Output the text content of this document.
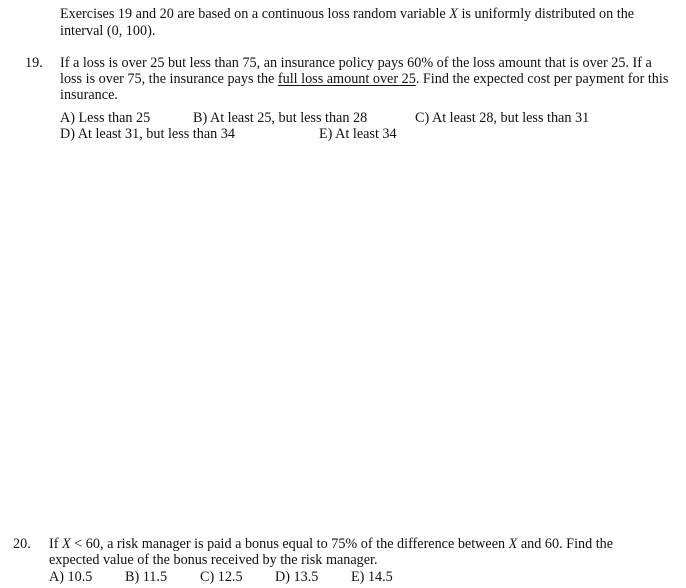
Exercises 19 and 20 are based on a continuous loss random variable X is uniformly distributed on the
interval (0, 100).
19. If a loss is over 25 but less than 75, an insurance policy pays 60% of the loss amount that is over 25. If a
loss is over 75, the insurance pays the full loss amount over 25. Find the expected cost per payment for this
insurance.
A) Less than 25	B) At least 25, but less than 28	C) At least 28, but less than 31
D) At least 31, but less than 34	E) At least 34
20. If X < 60, a risk manager is paid a bonus equal to 75% of the difference between X and 60. Find the
expected value of the bonus received by the risk manager.
A) 10.5 B) 11.5 C) 12.5 D) 13.5 E) 14.5
